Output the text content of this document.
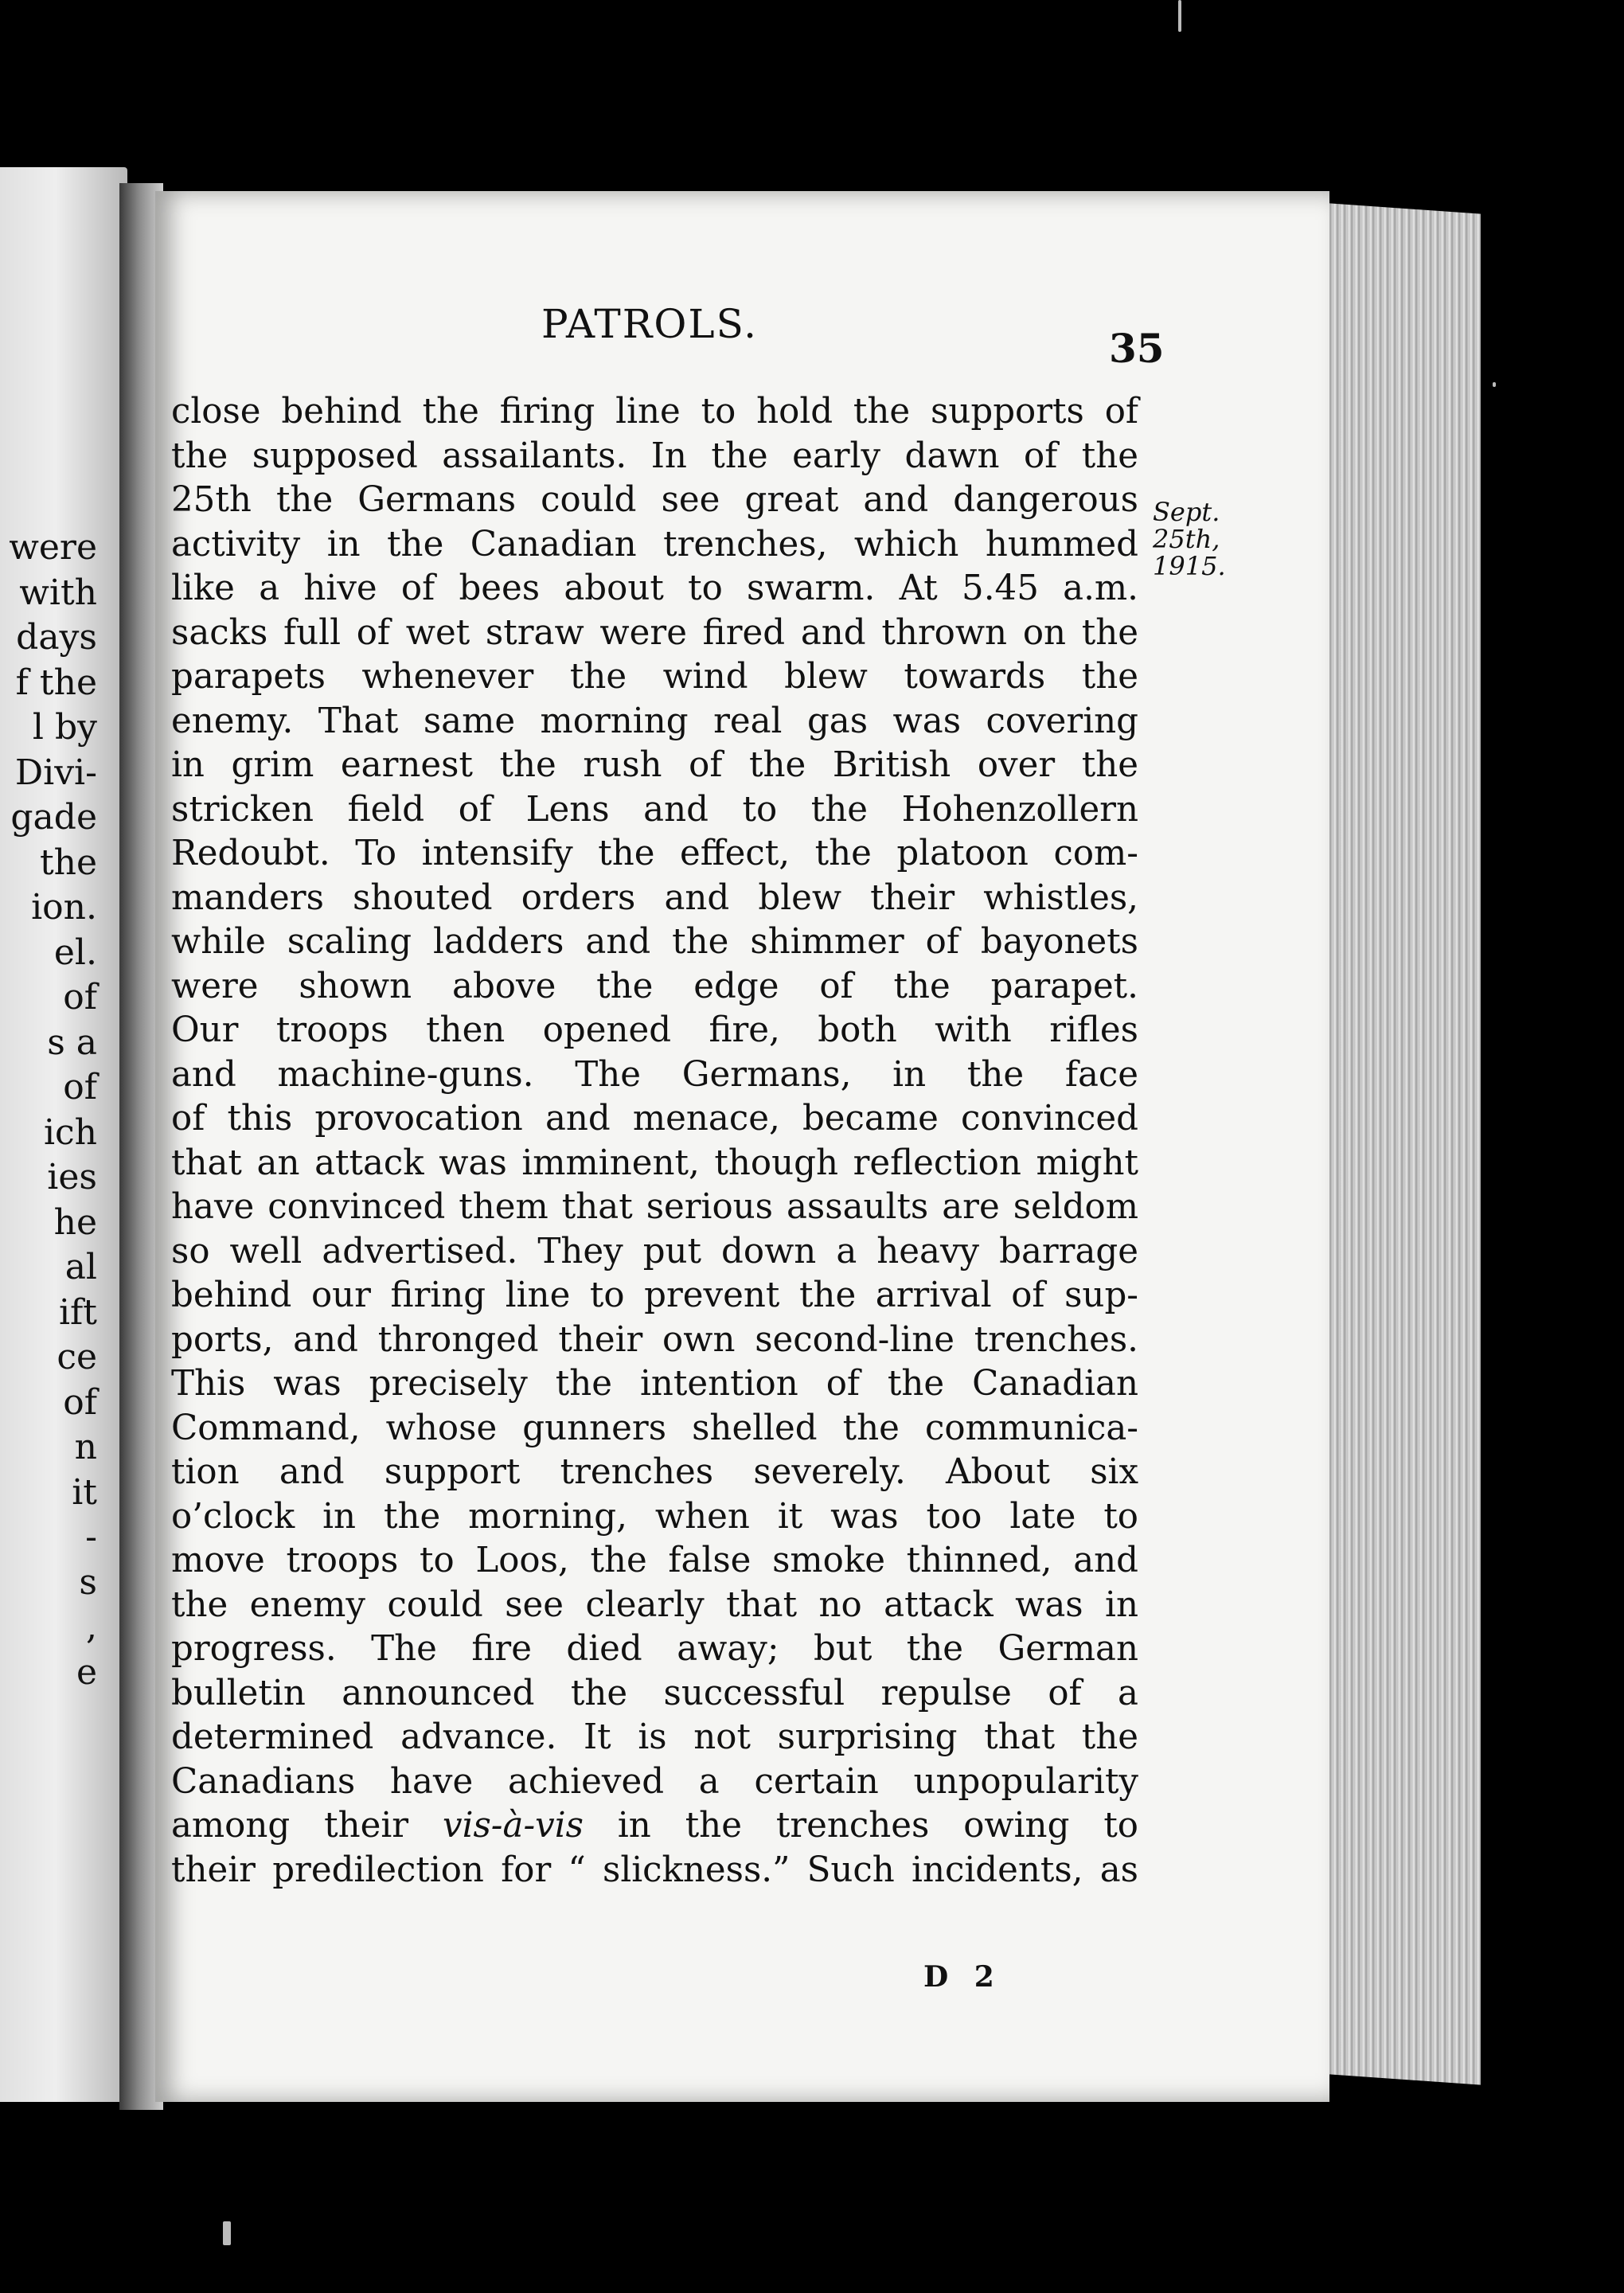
were
with
days
f the
l by
Divi-
gade
the
ion.
el.
of
s a
of
ich
ies
he
al
ift
ce
of
n
it
-
s
,
e
PATROLS.
35
close behind the firing line to hold the supports of
the supposed assailants. In the early dawn of the
25th the Germans could see great and dangerous
activity in the Canadian trenches, which hummed
like a hive of bees about to swarm. At 5.45 a.m.
sacks full of wet straw were fired and thrown on the
parapets whenever the wind blew towards the
enemy. That same morning real gas was covering
in grim earnest the rush of the British over the
stricken field of Lens and to the Hohenzollern
Redoubt. To intensify the effect, the platoon com-
manders shouted orders and blew their whistles,
while scaling ladders and the shimmer of bayonets
were shown above the edge of the parapet.
Our troops then opened fire, both with rifles
and machine-guns. The Germans, in the face
of this provocation and menace, became convinced
that an attack was imminent, though reflection might
have convinced them that serious assaults are seldom
so well advertised. They put down a heavy barrage
behind our firing line to prevent the arrival of sup-
ports, and thronged their own second-line trenches.
This was precisely the intention of the Canadian
Command, whose gunners shelled the communica-
tion and support trenches severely. About six
o’clock in the morning, when it was too late to
move troops to Loos, the false smoke thinned, and
the enemy could see clearly that no attack was in
progress. The fire died away; but the German
bulletin announced the successful repulse of a
determined advance. It is not surprising that the
Canadians have achieved a certain unpopularity
among their vis-à-vis in the trenches owing to
their predilection for “ slickness.” Such incidents, as
Sept.
25th,
1915.
D 2
